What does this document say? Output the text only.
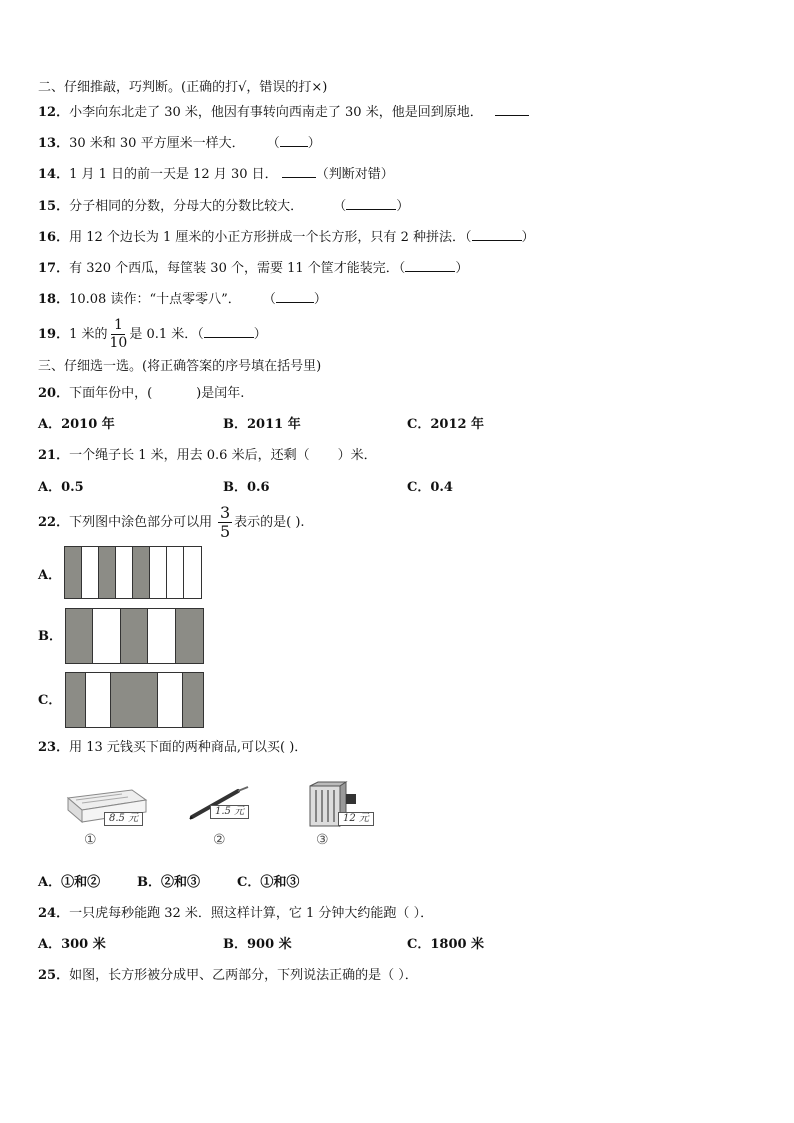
二、仔细推敲，巧判断。(正确的打√，错误的打×)
12．小李向东北走了 30 米，他因有事转向西南走了 30 米，他是回到原地．
13．30 米和 30 平方厘米一样大． （ ）
14．1 月 1 日的前一天是 12 月 30 日．	（判断对错）
15．分子相同的分数，分母大的分数比较大． （	）
16．用 12 个边长为 1 厘米的小正方形拼成一个长方形，只有 2 种拼法．（	）
17．有 320 个西瓜，每筐装 30 个，需要 11 个筐才能装完．（	）
18．10.08 读作：“十点零零八”． （	）
19．1 米的 $\frac{1}{10}$ 是 0.1 米．（	）
三、仔细选一选。(将正确答案的序号填在括号里)
20．下面年份中，(	)是闰年.
A．2010 年	B．2011 年	C．2012 年
21．一个绳子长 1 米，用去 0.6 米后，还剩（ ）米．
A．0.5	B．0.6	C．0.4
22．下列图中涂色部分可以用 $\frac{3}{5}$ 表示的是( ).
A．
B．
C．
23．用 13 元钱买下面的两种商品,可以买( )．
8.5 元
①
1.5 元
②
12 元
③
A．①和②	B．②和③	C．①和③
24．一只虎每秒能跑 32 米．照这样计算，它 1 分钟大约能跑（ ）．
A．300 米	B．900 米	C．1800 米
25．如图，长方形被分成甲、乙两部分，下列说法正确的是（ ）．
